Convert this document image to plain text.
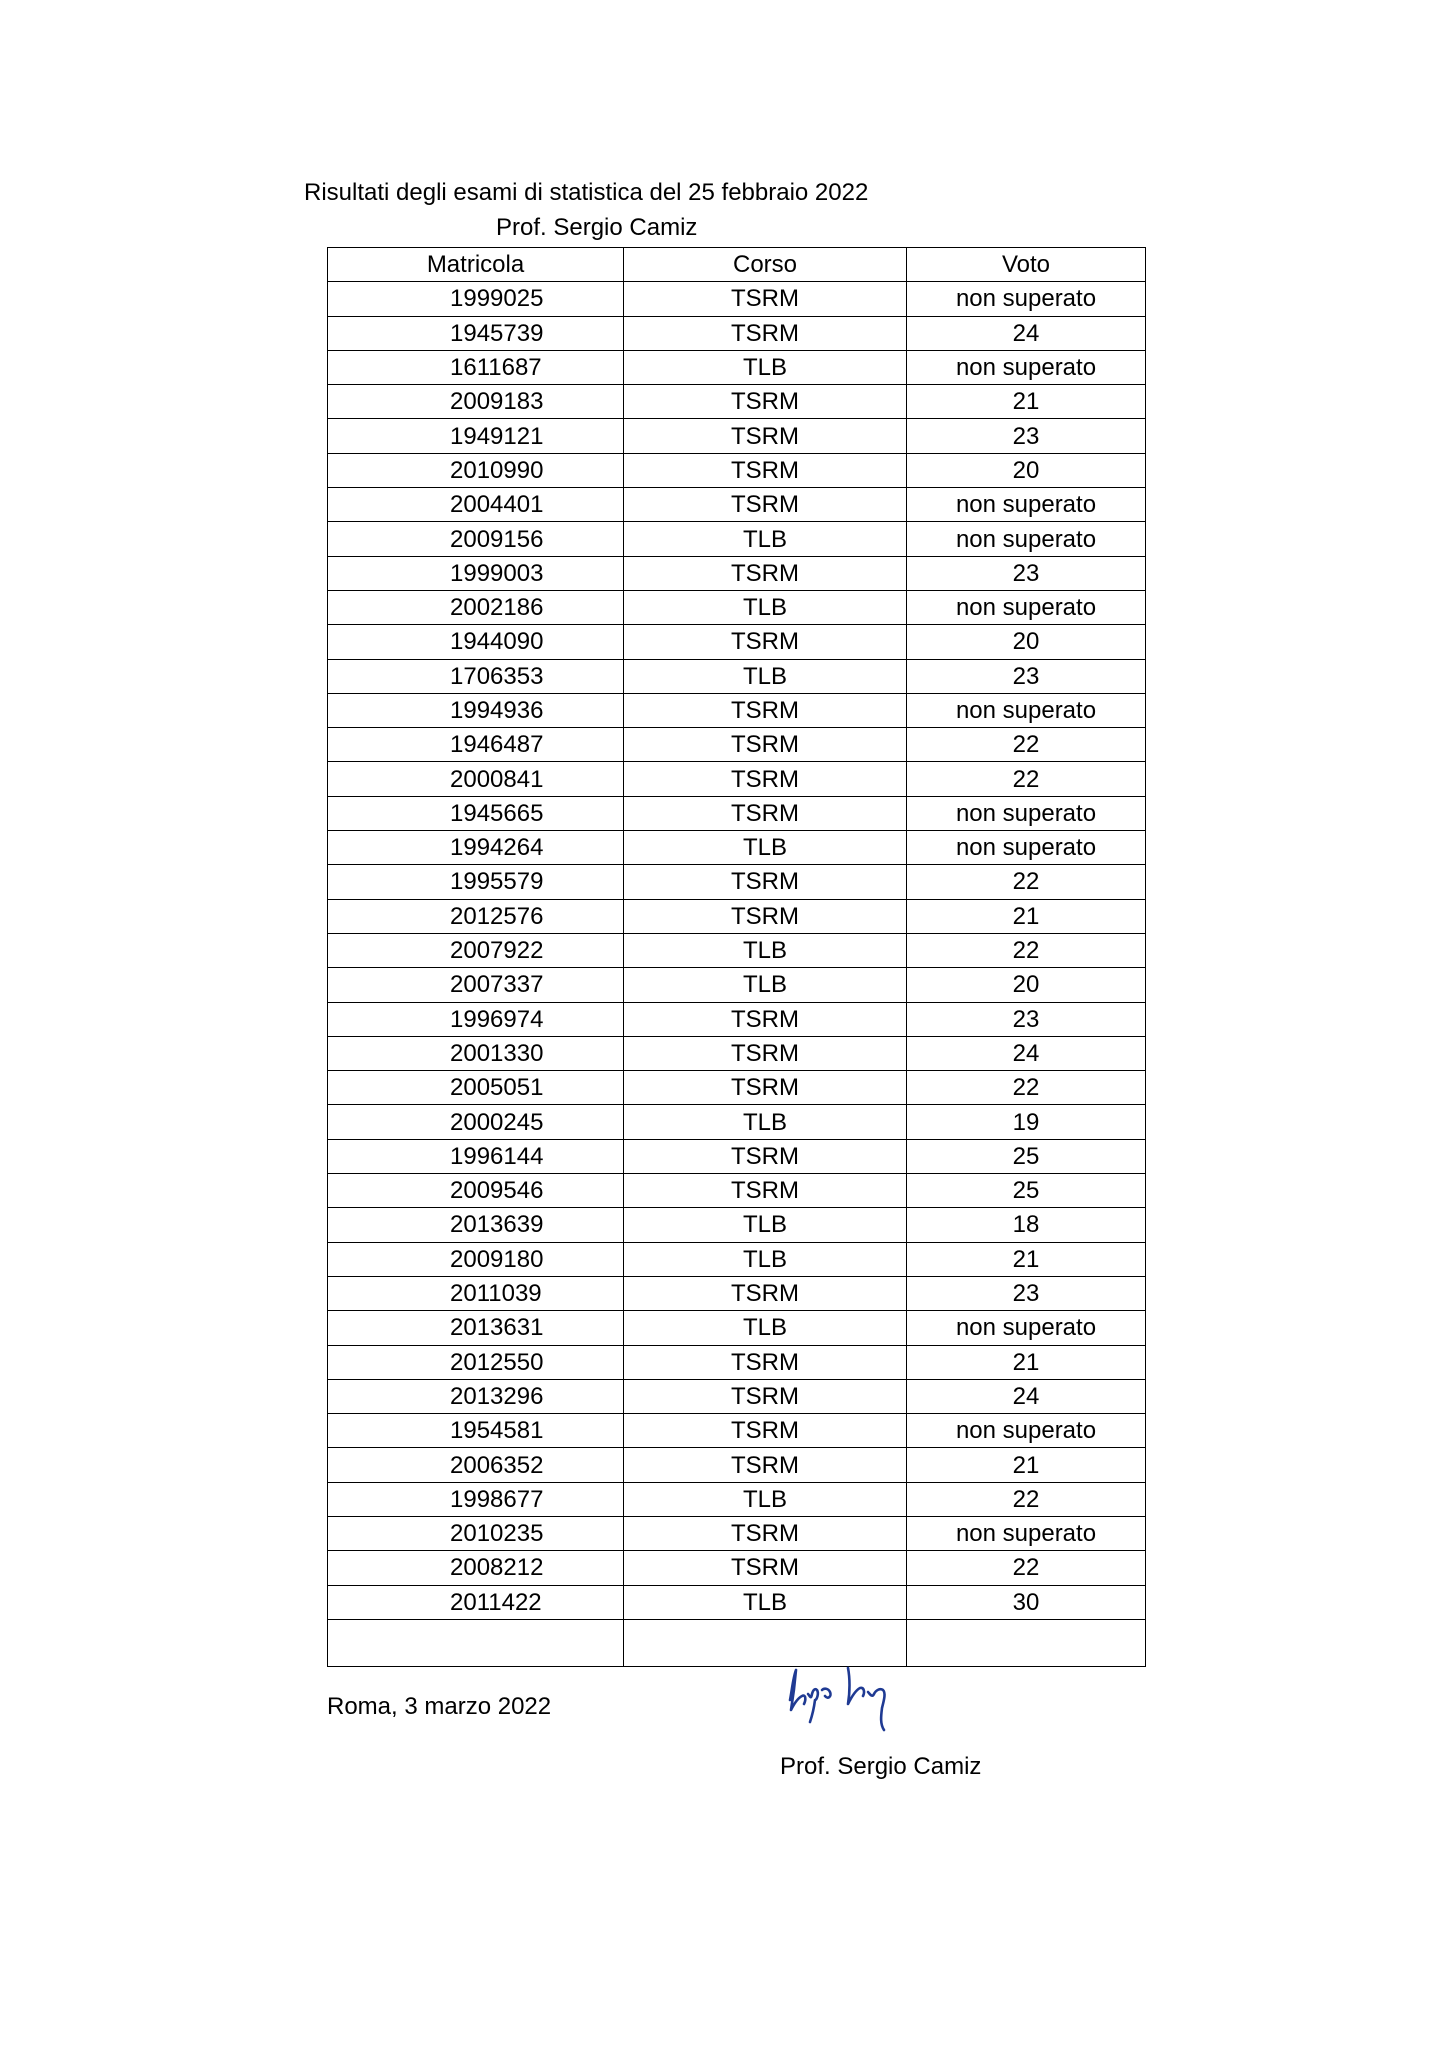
Risultati degli esami di statistica del 25 febbraio 2022
Prof. Sergio Camiz
Matricola	Corso	Voto
1999025	TSRM	non superato
1945739	TSRM	24
1611687	TLB	non superato
2009183	TSRM	21
1949121	TSRM	23
2010990	TSRM	20
2004401	TSRM	non superato
2009156	TLB	non superato
1999003	TSRM	23
2002186	TLB	non superato
1944090	TSRM	20
1706353	TLB	23
1994936	TSRM	non superato
1946487	TSRM	22
2000841	TSRM	22
1945665	TSRM	non superato
1994264	TLB	non superato
1995579	TSRM	22
2012576	TSRM	21
2007922	TLB	22
2007337	TLB	20
1996974	TSRM	23
2001330	TSRM	24
2005051	TSRM	22
2000245	TLB	19
1996144	TSRM	25
2009546	TSRM	25
2013639	TLB	18
2009180	TLB	21
2011039	TSRM	23
2013631	TLB	non superato
2012550	TSRM	21
2013296	TSRM	24
1954581	TSRM	non superato
2006352	TSRM	21
1998677	TLB	22
2010235	TSRM	non superato
2008212	TSRM	22
2011422	TLB	30

Roma, 3 marzo 2022
Prof. Sergio Camiz
